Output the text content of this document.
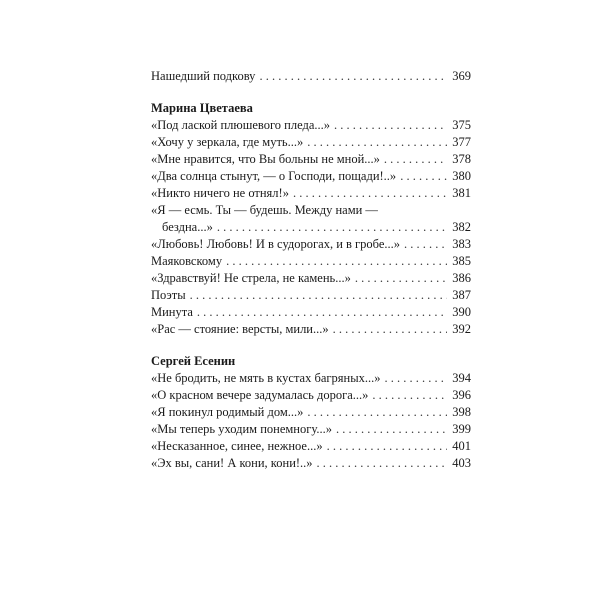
Нашедший подкову . . .	369
Марина Цветаева
«Под лаской плюшевого пледа...» . . .	375
«Хочу у зеркала, где муть...» . . .	377
«Мне нравится, что Вы больны не мной...» . . .	378
«Два солнца стынут, — о Господи, пощади!..» . . .	380
«Никто ничего не отнял!» . . .	381
«Я — есмь. Ты — будешь. Между нами —
бездна...» . . .	382
«Любовь! Любовь! И в судорогах, и в гробе...» . . .	383
Маяковскому . . .	385
«Здравствуй! Не стрела, не камень...» . . .	386
Поэты . . .	387
Минута . . .	390
«Рас — стояние: версты, мили...» . . .	392
Сергей Есенин
«Не бродить, не мять в кустах багряных...» . . .	394
«О красном вечере задумалась дорога...» . . .	396
«Я покинул родимый дом...» . . .	398
«Мы теперь уходим понемногу...» . . .	399
«Несказанное, синее, нежное...» . . .	401
«Эх вы, сани! А кони, кони!..» . . .	403
